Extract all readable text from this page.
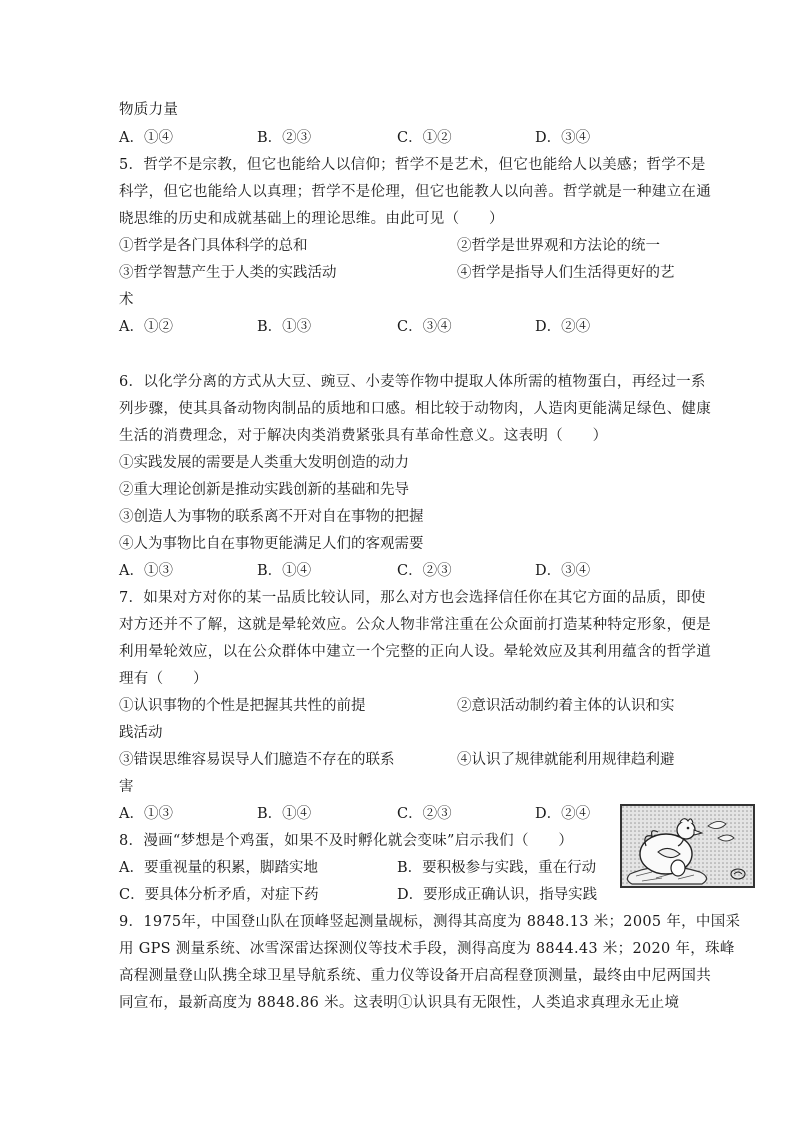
物质力量
A．①④	B．②③	C．①②	D．③④
5．哲学不是宗教，但它也能给人以信仰；哲学不是艺术，但它也能给人以美感；哲学不是
科学，但它也能给人以真理；哲学不是伦理，但它也能教人以向善。哲学就是一种建立在通
晓思维的历史和成就基础上的理论思维。由此可见（　　）
①哲学是各门具体科学的总和	②哲学是世界观和方法论的统一
③哲学智慧产生于人类的实践活动	④哲学是指导人们生活得更好的艺
术
A．①②	B．①③	C．③④	D．②④
6．以化学分离的方式从大豆、豌豆、小麦等作物中提取人体所需的植物蛋白，再经过一系
列步骤，使其具备动物肉制品的质地和口感。相比较于动物肉，人造肉更能满足绿色、健康
生活的消费理念，对于解决肉类消费紧张具有革命性意义。这表明（　　）
①实践发展的需要是人类重大发明创造的动力
②重大理论创新是推动实践创新的基础和先导
③创造人为事物的联系离不开对自在事物的把握
④人为事物比自在事物更能满足人们的客观需要
A．①③	B．①④	C．②③	D．③④
7．如果对方对你的某一品质比较认同，那么对方也会选择信任你在其它方面的品质，即使
对方还并不了解，这就是晕轮效应。公众人物非常注重在公众面前打造某种特定形象，便是
利用晕轮效应，以在公众群体中建立一个完整的正向人设。晕轮效应及其利用蕴含的哲学道
理有（　　）
①认识事物的个性是把握其共性的前提	②意识活动制约着主体的认识和实
践活动
③错误思维容易误导人们臆造不存在的联系	④认识了规律就能利用规律趋利避
害
A．①③	B．①④	C．②③	D．②④
8．漫画“梦想是个鸡蛋，如果不及时孵化就会变味”启示我们（　　）
A．要重视量的积累，脚踏实地	B．要积极参与实践，重在行动
C．要具体分析矛盾，对症下药	D．要形成正确认识，指导实践
9．1975年，中国登山队在顶峰竖起测量觇标，测得其高度为 8848.13 米；2005 年，中国采
用 GPS 测量系统、冰雪深雷达探测仪等技术手段，测得高度为 8844.43 米；2020 年，珠峰
高程测量登山队携全球卫星导航系统、重力仪等设备开启高程登顶测量，最终由中尼两国共
同宣布，最新高度为 8848.86 米。这表明①认识具有无限性，人类追求真理永无止境
